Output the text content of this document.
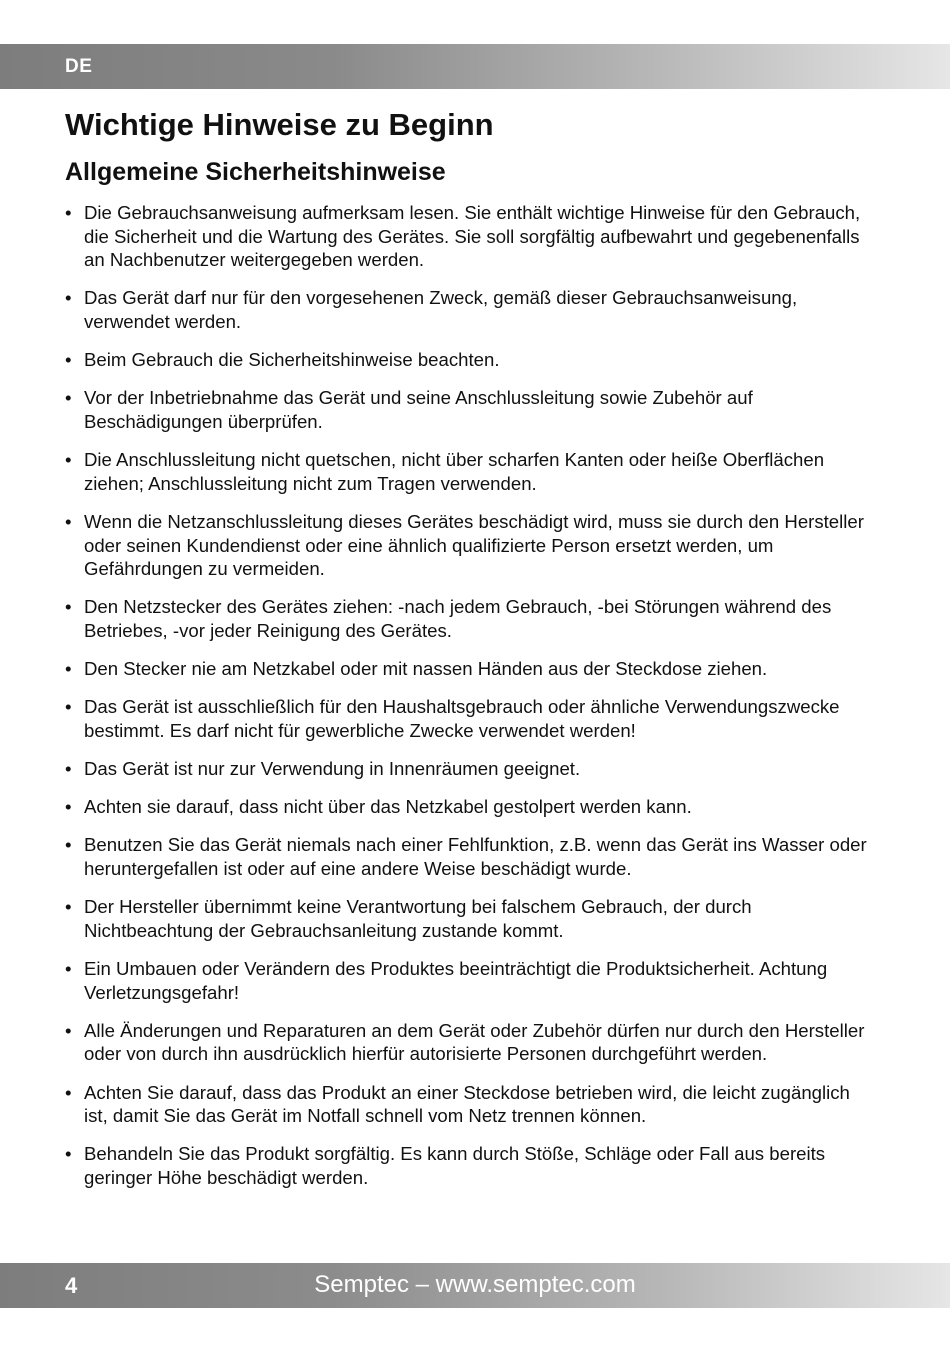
DE
Wichtige Hinweise zu Beginn
Allgemeine Sicherheitshinweise
• Die Gebrauchsanweisung aufmerksam lesen. Sie enthält wichtige Hinweise für den Gebrauch, die Sicherheit und die Wartung des Gerätes. Sie soll sorgfältig aufbewahrt und gegebenenfalls an Nachbenutzer weitergegeben werden.
• Das Gerät darf nur für den vorgesehenen Zweck, gemäß dieser Gebrauchsanweisung, verwendet werden.
• Beim Gebrauch die Sicherheitshinweise beachten.
• Vor der Inbetriebnahme das Gerät und seine Anschlussleitung sowie Zubehör auf Beschädigungen überprüfen.
• Die Anschlussleitung nicht quetschen, nicht über scharfen Kanten oder heiße Oberflächen ziehen; Anschlussleitung nicht zum Tragen verwenden.
• Wenn die Netzanschlussleitung dieses Gerätes beschädigt wird, muss sie durch den Hersteller oder seinen Kundendienst oder eine ähnlich qualifizierte Person ersetzt werden, um Gefährdungen zu vermeiden.
• Den Netzstecker des Gerätes ziehen: -nach jedem Gebrauch, -bei Störungen während des Betriebes, -vor jeder Reinigung des Gerätes.
• Den Stecker nie am Netzkabel oder mit nassen Händen aus der Steckdose ziehen.
• Das Gerät ist ausschließlich für den Haushaltsgebrauch oder ähnliche Verwendungszwecke bestimmt. Es darf nicht für gewerbliche Zwecke verwendet werden!
• Das Gerät ist nur zur Verwendung in Innenräumen geeignet.
• Achten sie darauf, dass nicht über das Netzkabel gestolpert werden kann.
• Benutzen Sie das Gerät niemals nach einer Fehlfunktion, z.B. wenn das Gerät ins Wasser oder heruntergefallen ist oder auf eine andere Weise beschädigt wurde.
• Der Hersteller übernimmt keine Verantwortung bei falschem Gebrauch, der durch Nichtbeachtung der Gebrauchsanleitung zustande kommt.
• Ein Umbauen oder Verändern des Produktes beeinträchtigt die Produktsicherheit. Achtung Verletzungsgefahr!
• Alle Änderungen und Reparaturen an dem Gerät oder Zubehör dürfen nur durch den Hersteller oder von durch ihn ausdrücklich hierfür autorisierte Personen durchgeführt werden.
• Achten Sie darauf, dass das Produkt an einer Steckdose betrieben wird, die leicht zugänglich ist, damit Sie das Gerät im Notfall schnell vom Netz trennen können.
• Behandeln Sie das Produkt sorgfältig. Es kann durch Stöße, Schläge oder Fall aus bereits geringer Höhe beschädigt werden.
4	Semptec – www.semptec.com
